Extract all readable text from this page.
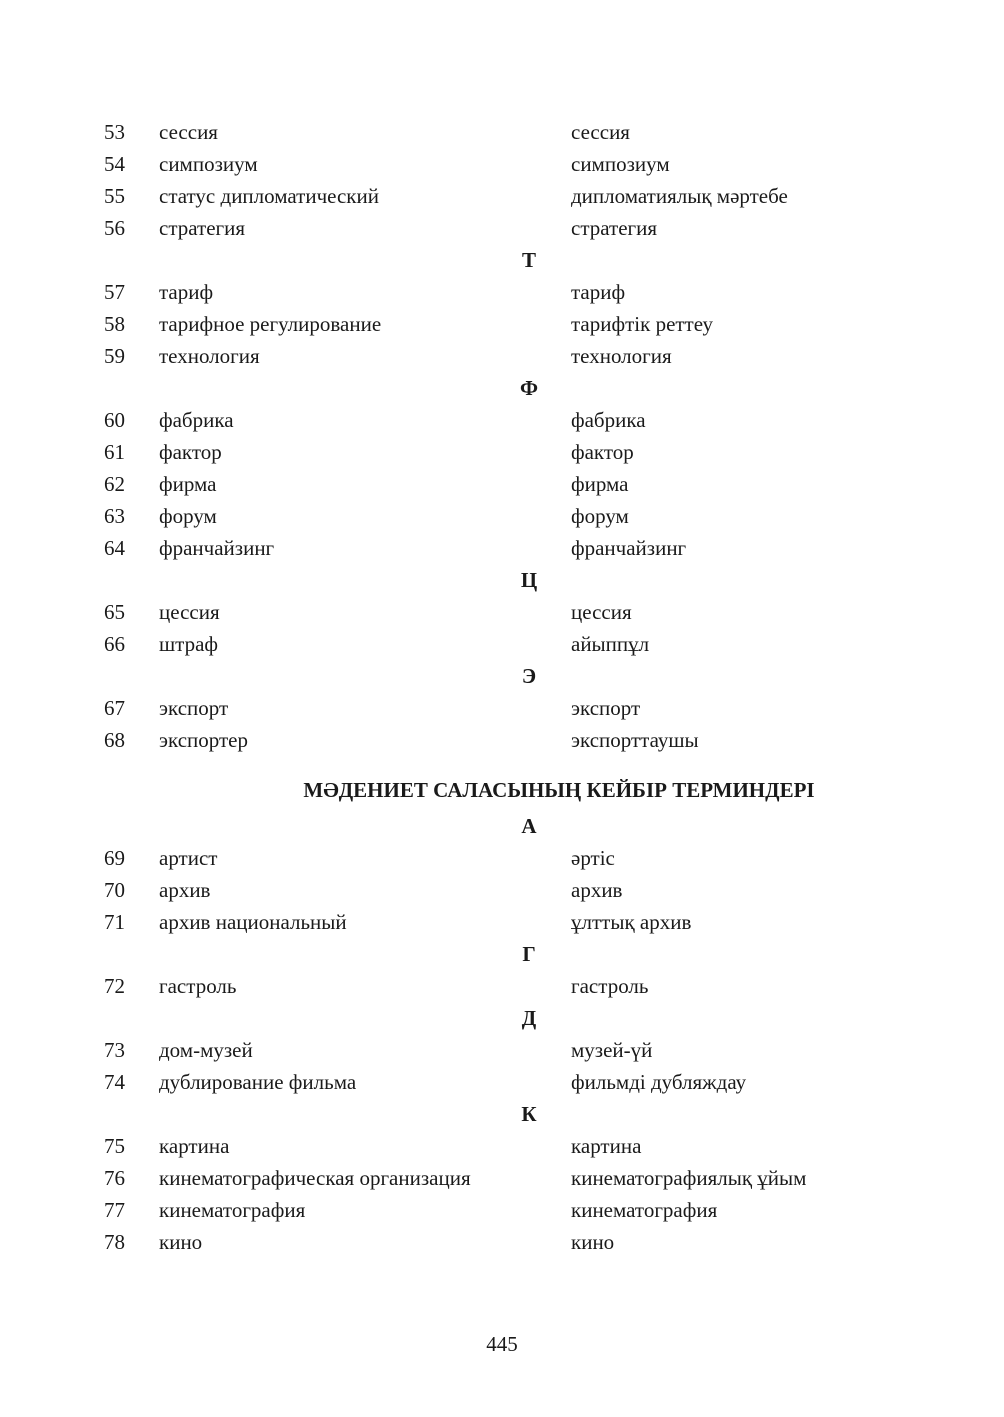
53	сессия	сессия
54	симпозиум	симпозиум
55	статус дипломатический	дипломатиялық мәртебе
56	стратегия	стратегия
Т
57	тариф	тариф
58	тарифное регулирование	тарифтік реттеу
59	технология	технология
Ф
60	фабрика	фабрика
61	фактор	фактор
62	фирма	фирма
63	форум	форум
64	франчайзинг	франчайзинг
Ц
65	цессия	цессия
66	штраф	айыппұл
Э
67	экспорт	экспорт
68	экспортер	экспорттаушы
МӘДЕНИЕТ САЛАСЫНЫҢ КЕЙБІР ТЕРМИНДЕРІ
А
69	артист	әртіс
70	архив	архив
71	архив национальный	ұлттық архив
Г
72	гастроль	гастроль
Д
73	дом-музей	музей-үй
74	дублирование фильма	фильмді дубляждау
К
75	картина	картина
76	кинематографическая организация	кинематографиялық ұйым
77	кинематография	кинематография
78	кино	кино
445
